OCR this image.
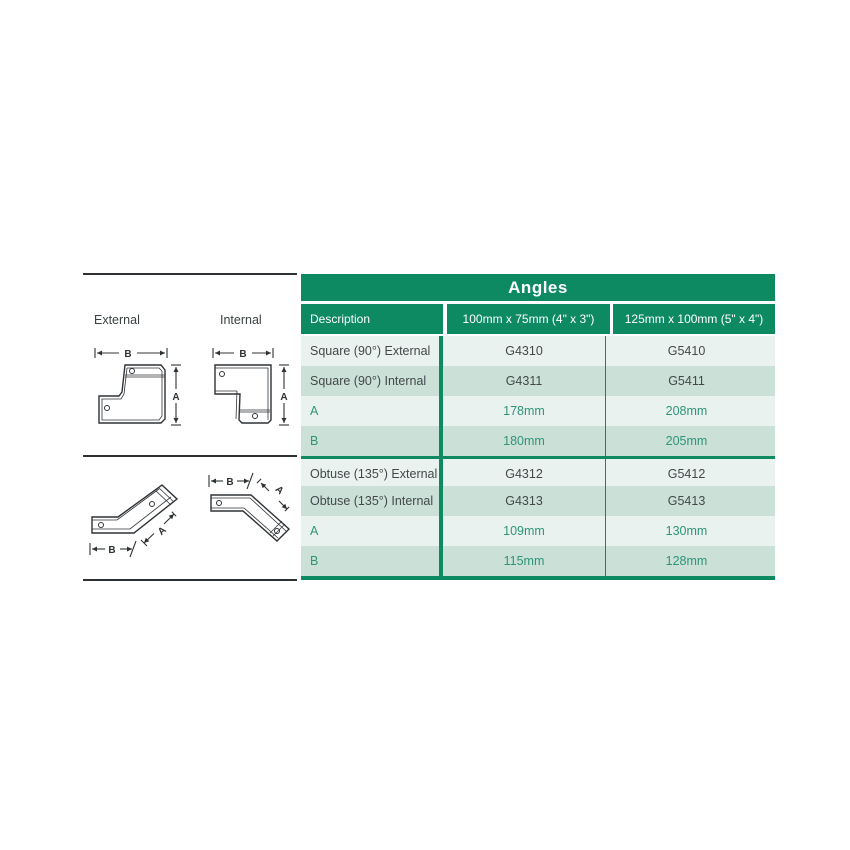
External	Internal
B
A
B
A
B
A
B
A
Angles
Description	100mm x 75mm (4" x 3")	125mm x 100mm (5" x 4")
Square (90°) External	G4310	G5410
Square (90°) Internal	G4311	G5411
A	178mm	208mm
B	180mm	205mm
Obtuse (135°) External	G4312	G5412
Obtuse (135°) Internal	G4313	G5413
A	109mm	130mm
B	115mm	128mm
